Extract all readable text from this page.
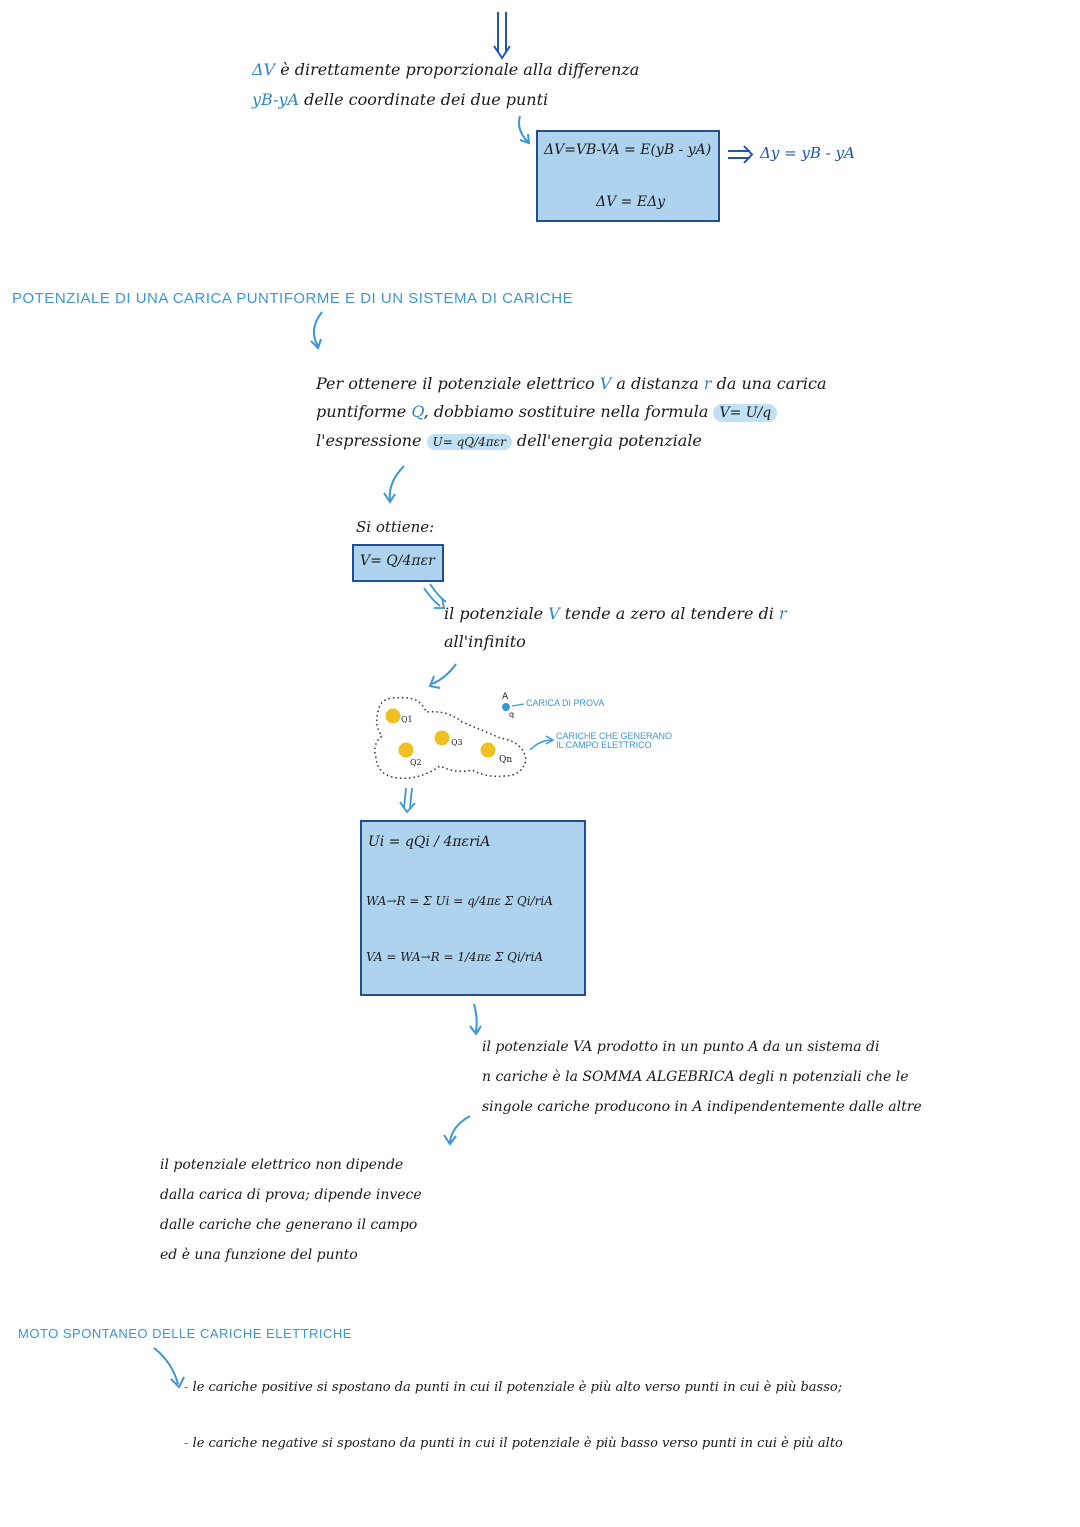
ΔV è direttamente proporzionale alla differenza
yB-yA delle coordinate dei due punti
ΔV=VB-VA = E(yB - yA)
ΔV = EΔy
Δy = yB - yA
POTENZIALE DI UNA CARICA PUNTIFORME E DI UN SISTEMA DI CARICHE
Per ottenere il potenziale elettrico V a distanza r da una carica
puntiforme Q, dobbiamo sostituire nella formula V= U/q
l'espressione U= qQ/4πεr dell'energia potenziale
Si ottiene:
V= Q/4πεr
il potenziale V tende a zero al tendere di r
all'infinito
Q1
Q2
Q3
Qn
A
q
CARICA DI PROVA
CARICHE CHE GENERANO
IL CAMPO ELETTRICO
Ui = qQi / 4πεriA
WA→R = Σ Ui = q/4πε Σ Qi/riA
VA = WA→R = 1/4πε Σ Qi/riA
il potenziale VA prodotto in un punto A da un sistema di
n cariche è la SOMMA ALGEBRICA degli n potenziali che le
singole cariche producono in A indipendentemente dalle altre
il potenziale elettrico non dipende
dalla carica di prova; dipende invece
dalle cariche che generano il campo
ed è una funzione del punto
MOTO SPONTANEO DELLE CARICHE ELETTRICHE
- le cariche positive si spostano da punti in cui il potenziale è più alto verso punti in cui è più basso;
- le cariche negative si spostano da punti in cui il potenziale è più basso verso punti in cui è più alto
